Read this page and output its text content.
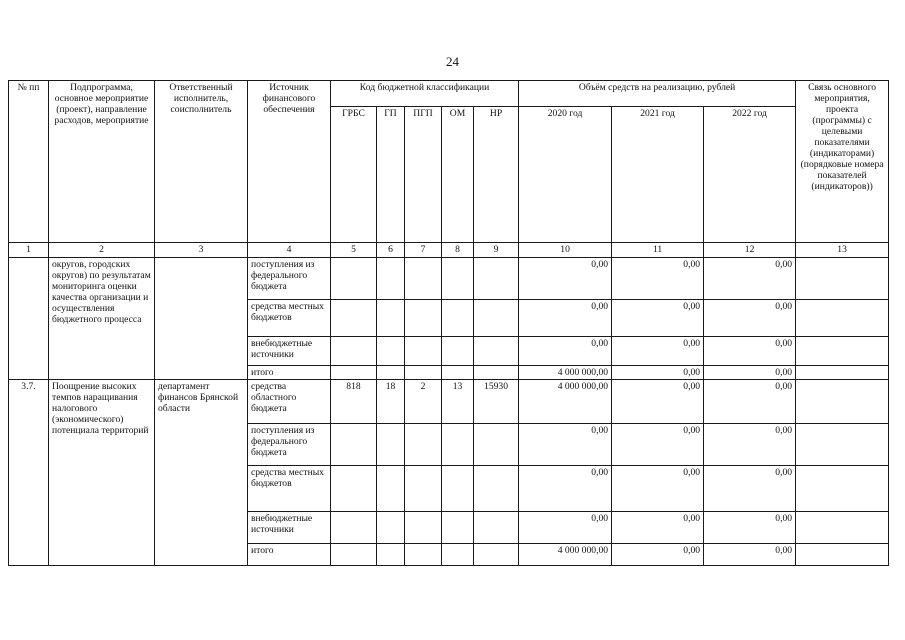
24
№ пп	Подпрограмма, основное мероприятие (проект), направление расходов, мероприятие	Ответственный исполнитель, соисполнитель	Источник финансового обеспечения	Код бюджетной классификации					Объём средств на реализацию, рублей			Связь основного мероприятия, проекта (программы) с целевыми показателями (индикаторами) (порядковые номера показателей (индикаторов))
				ГРБС	ГП	ПГП	ОМ	НР	2020 год	2021 год	2022 год	
1	2	3	4	5	6	7	8	9	10	11	12	13
	округов, городских округов) по результатам мониторинга оценки качества организации и осуществления бюджетного процесса		поступления из федерального бюджета						0,00	0,00	0,00	
			средства местных бюджетов						0,00	0,00	0,00	
			внебюджетные источники						0,00	0,00	0,00	
			итого						4 000 000,00	0,00	0,00	
3.7.	Поощрение высоких темпов наращивания налогового (экономического) потенциала территорий	департамент финансов Брянской области	средства областного бюджета	818	18	2	13	15930	4 000 000,00	0,00	0,00	
			поступления из федерального бюджета						0,00	0,00	0,00	
			средства местных бюджетов						0,00	0,00	0,00	
			внебюджетные источники						0,00	0,00	0,00	
			итого						4 000 000,00	0,00	0,00	
